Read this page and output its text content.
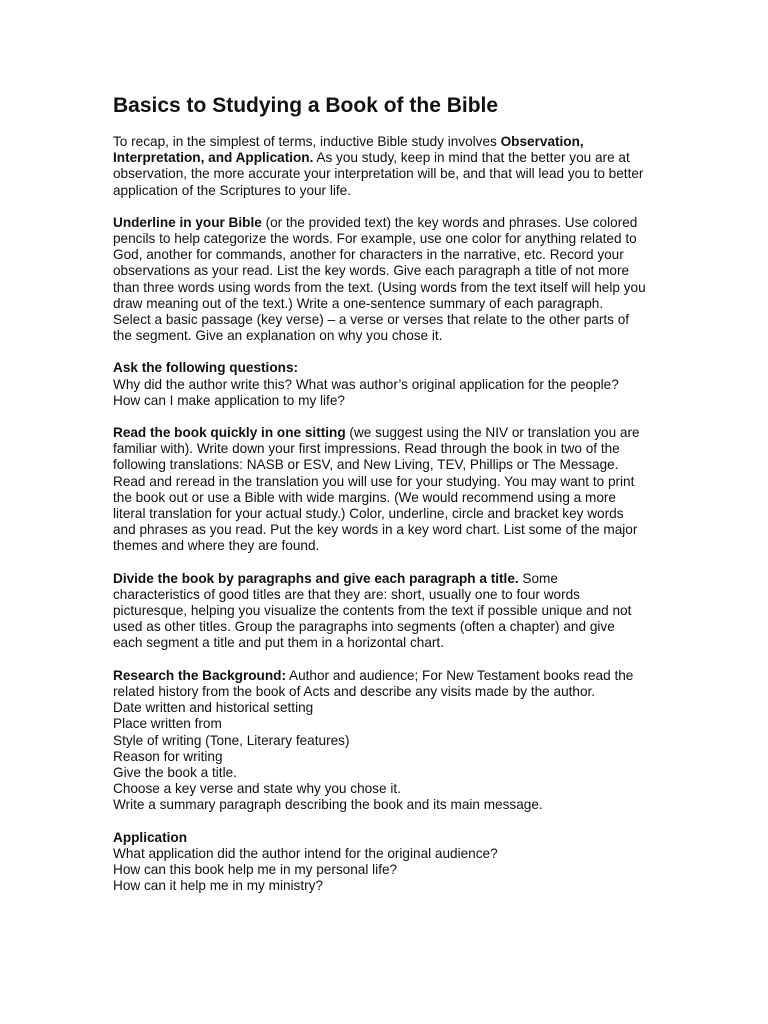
Basics to Studying a Book of the Bible

To recap, in the simplest of terms, inductive Bible study involves Observation,
Interpretation, and Application. As you study, keep in mind that the better you are at
observation, the more accurate your interpretation will be, and that will lead you to better
application of the Scriptures to your life.

Underline in your Bible (or the provided text) the key words and phrases. Use colored
pencils to help categorize the words. For example, use one color for anything related to
God, another for commands, another for characters in the narrative, etc. Record your
observations as your read. List the key words. Give each paragraph a title of not more
than three words using words from the text. (Using words from the text itself will help you
draw meaning out of the text.) Write a one-sentence summary of each paragraph.
Select a basic passage (key verse) – a verse or verses that relate to the other parts of
the segment. Give an explanation on why you chose it.

Ask the following questions:
Why did the author write this? What was author’s original application for the people?
How can I make application to my life?

Read the book quickly in one sitting (we suggest using the NIV or translation you are
familiar with). Write down your first impressions. Read through the book in two of the
following translations: NASB or ESV, and New Living, TEV, Phillips or The Message.
Read and reread in the translation you will use for your studying. You may want to print
the book out or use a Bible with wide margins. (We would recommend using a more
literal translation for your actual study.) Color, underline, circle and bracket key words
and phrases as you read. Put the key words in a key word chart. List some of the major
themes and where they are found.

Divide the book by paragraphs and give each paragraph a title. Some
characteristics of good titles are that they are: short, usually one to four words
picturesque, helping you visualize the contents from the text if possible unique and not
used as other titles. Group the paragraphs into segments (often a chapter) and give
each segment a title and put them in a horizontal chart.

Research the Background: Author and audience; For New Testament books read the
related history from the book of Acts and describe any visits made by the author.
Date written and historical setting
Place written from
Style of writing (Tone, Literary features)
Reason for writing
Give the book a title.
Choose a key verse and state why you chose it.
Write a summary paragraph describing the book and its main message.

Application
What application did the author intend for the original audience?
How can this book help me in my personal life?
How can it help me in my ministry?
